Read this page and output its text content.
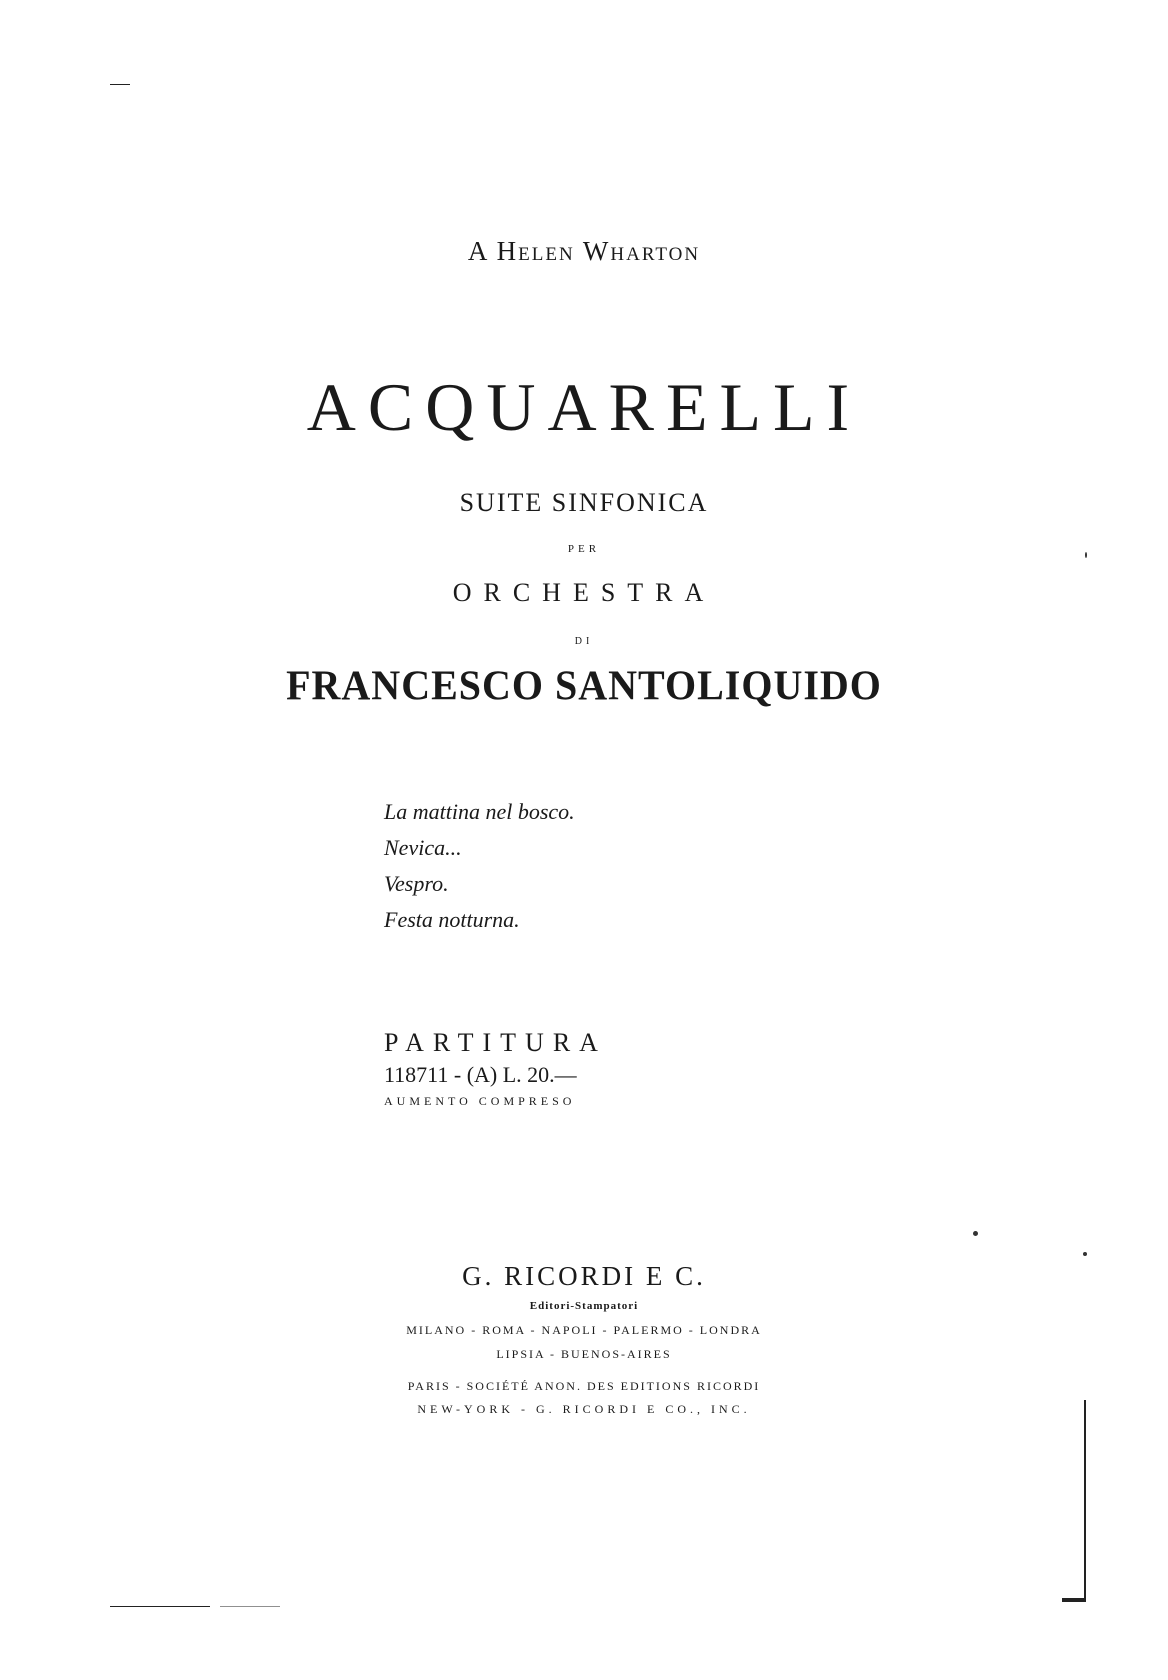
A Helen Wharton
ACQUARELLI
SUITE SINFONICA
PER
ORCHESTRA
DI
FRANCESCO SANTOLIQUIDO
La mattina nel bosco.
Nevica...
Vespro.
Festa notturna.
PARTITURA
118711 - (A) L. 20.—
AUMENTO COMPRESO
G. RICORDI E C.
Editori-Stampatori
MILANO - ROMA - NAPOLI - PALERMO - LONDRA
LIPSIA - BUENOS-AIRES
PARIS - SOCIÉTÉ ANON. DES EDITIONS RICORDI
NEW-YORK - G. RICORDI E CO., INC.
